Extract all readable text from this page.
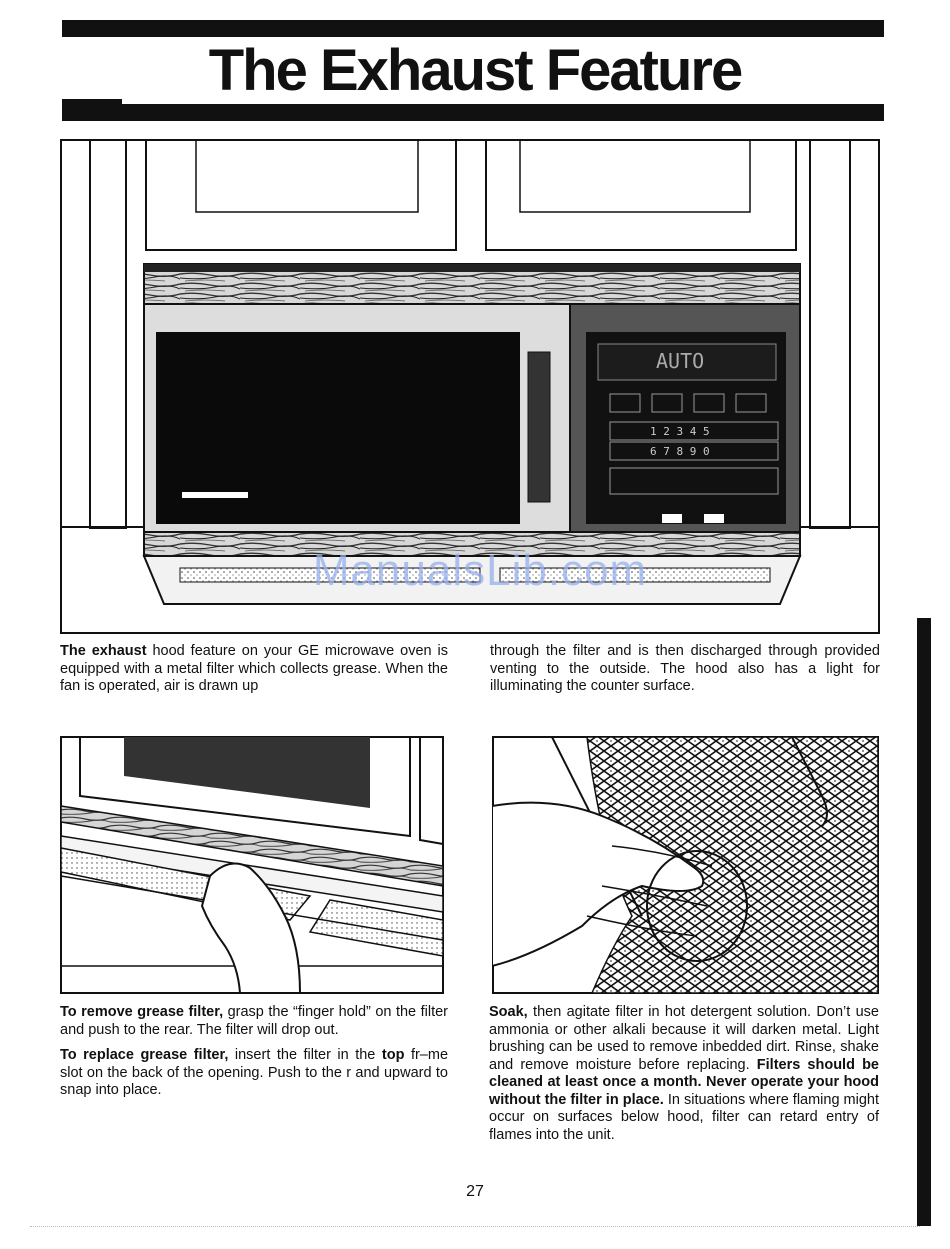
The Exhaust Feature
AUTO
1 2 3 4 5
6 7 8 9 0
ManualsLib.com

The exhaust hood feature on your GE microwave oven is equipped with a metal filter which collects grease. When the fan is operated, air is drawn up

through the filter and is then discharged through provided venting to the outside. The hood also has a light for illuminating the counter surface.

To remove grease filter, grasp the “finger hold” on the filter and push to the rear. The filter will drop out.

To replace grease filter, insert the filter in the top fr–me slot on the back of the opening. Push to the r and upward to snap into place.

Soak, then agitate filter in hot detergent solution. Don’t use ammonia or other alkali because it will darken metal. Light brushing can be used to remove inbedded dirt. Rinse, shake and remove moisture before replacing. Filters should be cleaned at least once a month. Never operate your hood without the filter in place. In situations where flaming might occur on surfaces below hood, filter can retard entry of flames into the unit.

27
